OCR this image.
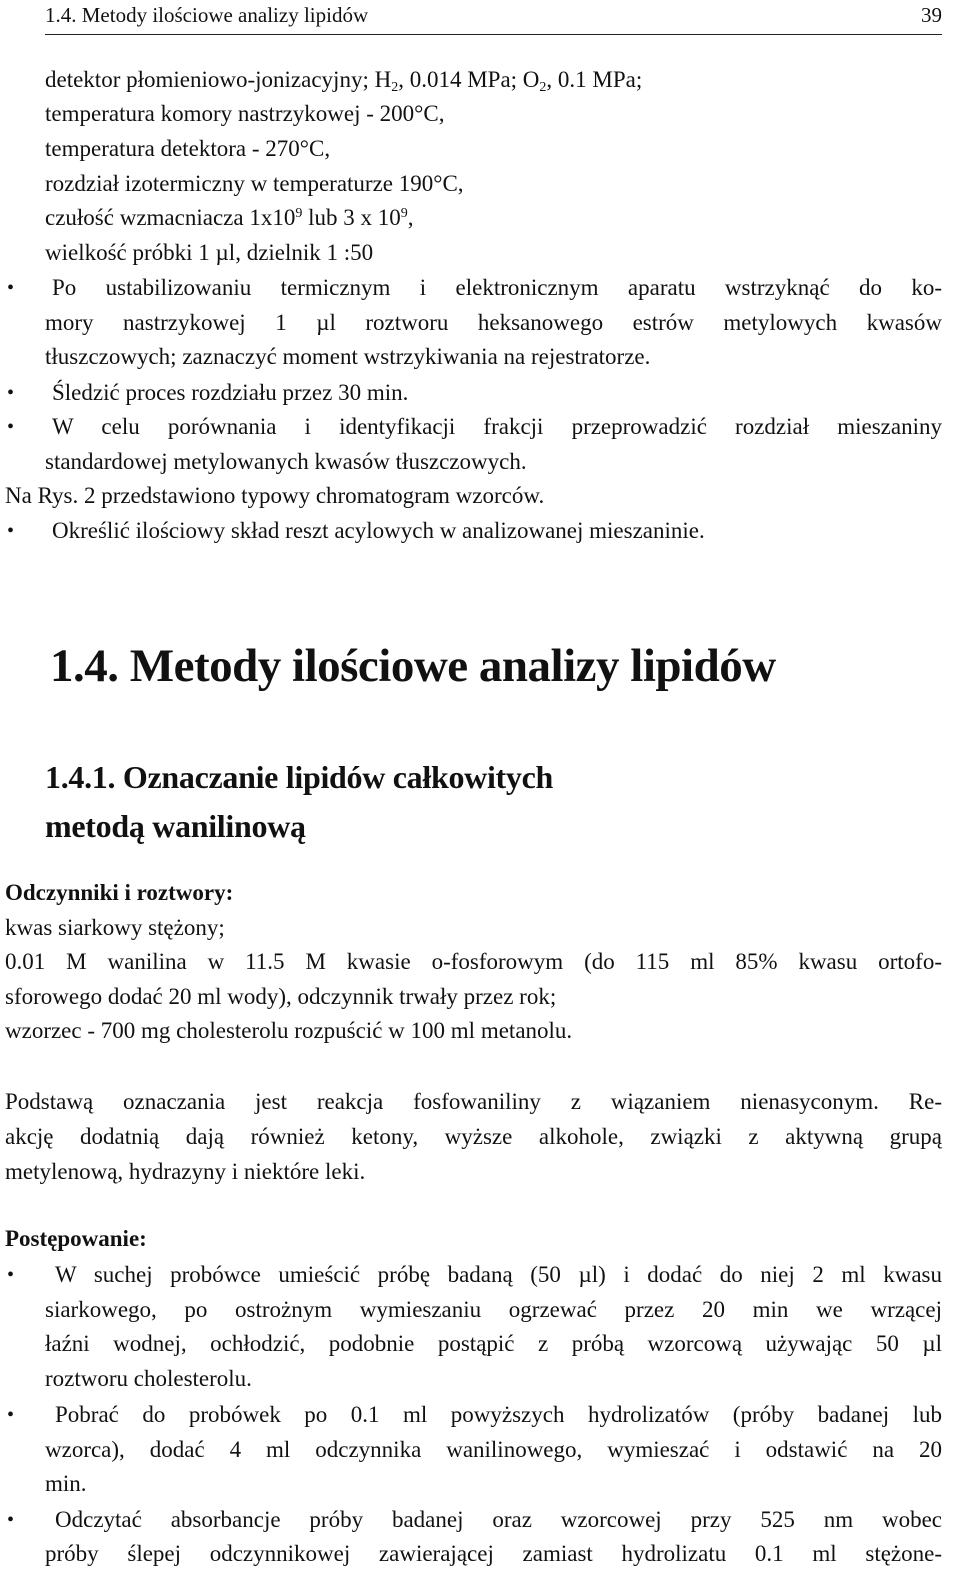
1.4. Metody ilościowe analizy lipidów	39
detektor płomieniowo-jonizacyjny; $H_2$, 0.014 MPa; $O_2$, 0.1 MPa;
temperatura komory nastrzykowej - 200°C,
temperatura detektora - 270°C,
rozdział izotermiczny w temperaturze 190°C,
czułość wzmacniacza $1x10^9$ lub 3 x $10^9$,
wielkość próbki 1 µl, dzielnik 1 :50
• Po ustabilizowaniu termicznym i elektronicznym aparatu wstrzyknąć do ko-
mory nastrzykowej 1 µl roztworu heksanowego estrów metylowych kwasów
tłuszczowych; zaznaczyć moment wstrzykiwania na rejestratorze.
• Śledzić proces rozdziału przez 30 min.
• W celu porównania i identyfikacji frakcji przeprowadzić rozdział mieszaniny
standardowej metylowanych kwasów tłuszczowych.
Na Rys. 2 przedstawiono typowy chromatogram wzorców.
• Określić ilościowy skład reszt acylowych w analizowanej mieszaninie.
1.4. Metody ilościowe analizy lipidów
1.4.1. Oznaczanie lipidów całkowitych
metodą wanilinową
Odczynniki i roztwory:
kwas siarkowy stężony;
0.01 M wanilina w 11.5 M kwasie o-fosforowym (do 115 ml 85% kwasu ortofo-
sforowego dodać 20 ml wody), odczynnik trwały przez rok;
wzorzec - 700 mg cholesterolu rozpuścić w 100 ml metanolu.
Podstawą oznaczania jest reakcja fosfowaniliny z wiązaniem nienasyconym. Re-
akcję dodatnią dają również ketony, wyższe alkohole, związki z aktywną grupą
metylenową, hydrazyny i niektóre leki.
Postępowanie:
• W suchej probówce umieścić próbę badaną (50 µl) i dodać do niej 2 ml kwasu
siarkowego, po ostrożnym wymieszaniu ogrzewać przez 20 min we wrzącej
łaźni wodnej, ochłodzić, podobnie postąpić z próbą wzorcową używając 50 µl
roztworu cholesterolu.
• Pobrać do probówek po 0.1 ml powyższych hydrolizatów (próby badanej lub
wzorca), dodać 4 ml odczynnika wanilinowego, wymieszać i odstawić na 20
min.
• Odczytać absorbancje próby badanej oraz wzorcowej przy 525 nm wobec
próby ślepej odczynnikowej zawierającej zamiast hydrolizatu 0.1 ml stężone-
